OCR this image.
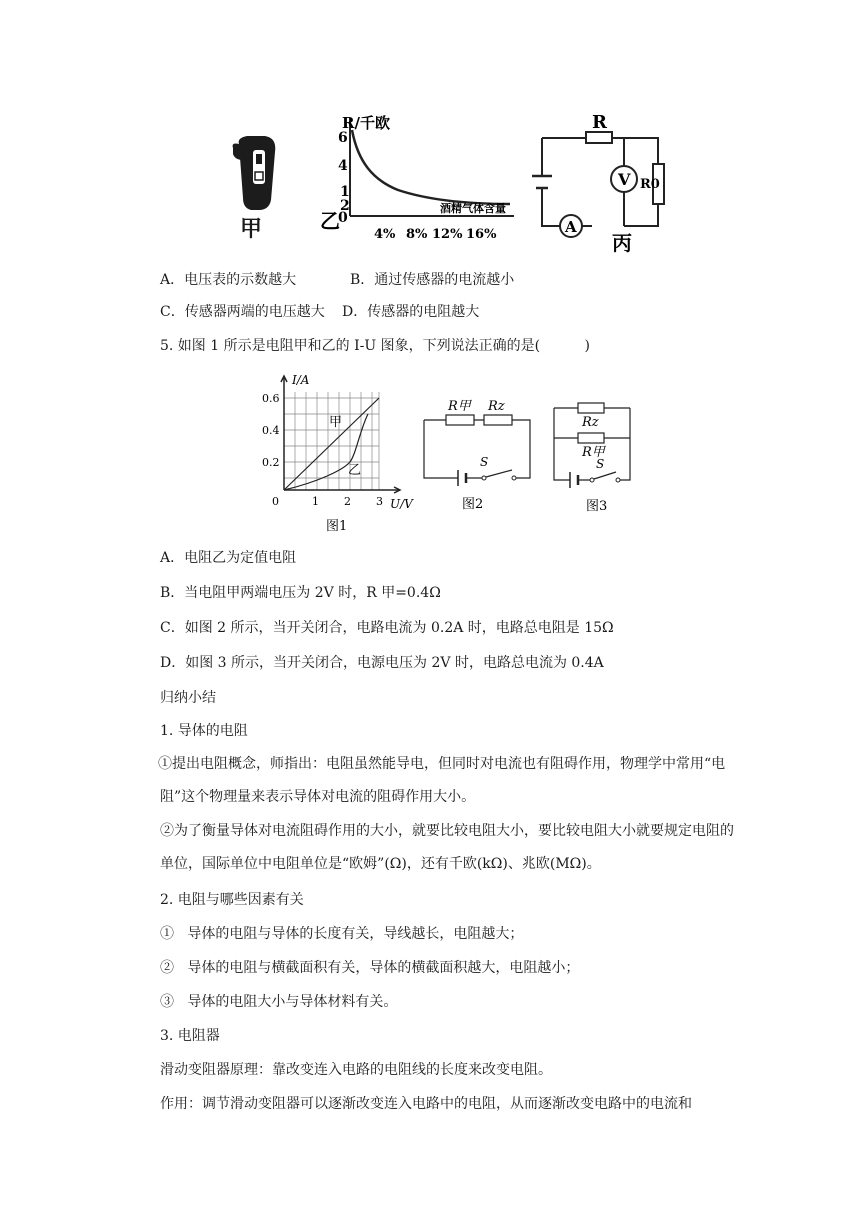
甲
R/千欧
6
4
1
2
乙
0
酒精气体含量
4% 8% 12% 16%
R
V
A
R0
丙
A．电压表的示数越大	B．通过传感器的电流越小
C．传感器两端的电压越大 D．传感器的电阻越大
5. 如图 1 所示是电阻甲和乙的 I-U 图象，下列说法正确的是(          )
I/A
0.6
0.4
0.2
0	1 2 3 U/V
甲
乙
图1
R甲 Rz
S
图2
Rz
R甲
S
图3
A．电阻乙为定值电阻
B．当电阻甲两端电压为 2V 时，R 甲=0.4Ω
C．如图 2 所示，当开关闭合，电路电流为 0.2A 时，电路总电阻是 15Ω
D．如图 3 所示，当开关闭合，电源电压为 2V 时，电路总电流为 0.4A
归纳小结
1. 导体的电阻
①提出电阻概念，师指出：电阻虽然能导电，但同时对电流也有阻碍作用，物理学中常用“电阻”这个物理量来表示导体对电流的阻碍作用大小。
②为了衡量导体对电流阻碍作用的大小，就要比较电阻大小，要比较电阻大小就要规定电阻的单位，国际单位中电阻单位是“欧姆”(Ω)，还有千欧(kΩ)、兆欧(MΩ)。
2. 电阻与哪些因素有关
①   导体的电阻与导体的长度有关，导线越长，电阻越大；
②   导体的电阻与横截面积有关，导体的横截面积越大，电阻越小；
③   导体的电阻大小与导体材料有关。
3. 电阻器
滑动变阻器原理：靠改变连入电路的电阻线的长度来改变电阻。
作用：调节滑动变阻器可以逐渐改变连入电路中的电阻，从而逐渐改变电路中的电流和
